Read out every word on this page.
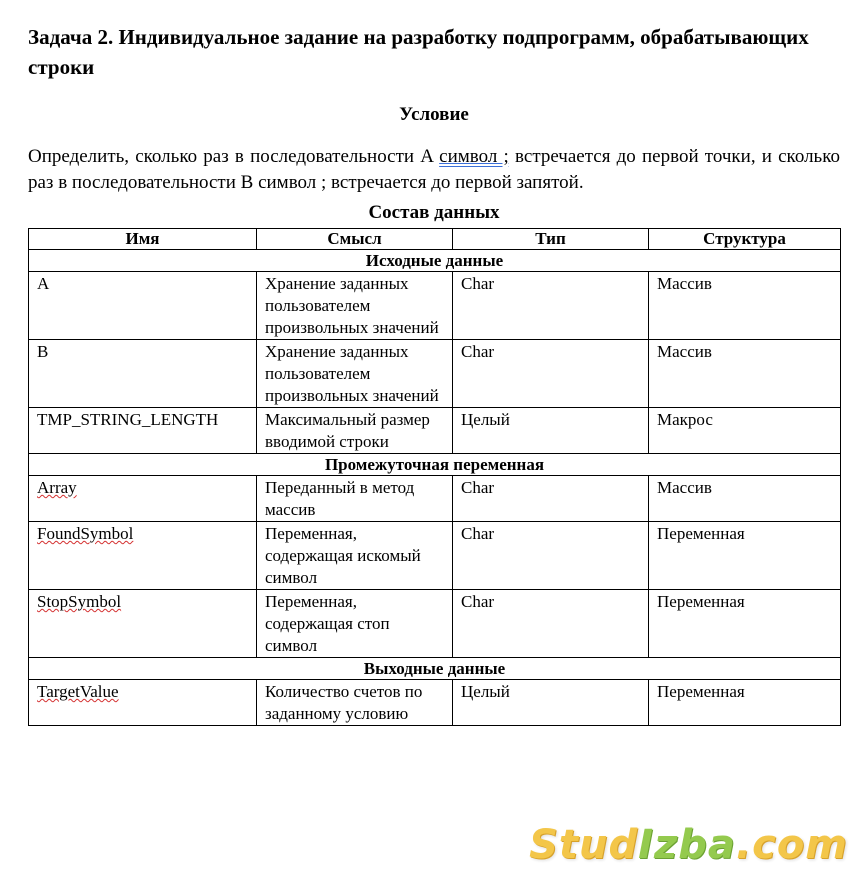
Задача 2. Индивидуальное задание на разработку подпрограмм, обрабатывающих строки
Условие

Определить, сколько раз в последовательности A символ ; встречается до первой точки, и сколько раз в последовательности B символ ; встречается до первой запятой.

Состав данных
Имя	Смысл	Тип	Структура
Исходные данные			
A	Хранение заданных пользователем произвольных значений	Char	Массив
B	Хранение заданных пользователем произвольных значений	Char	Массив
TMP_STRING_LENGTH	Максимальный размер вводимой строки	Целый	Макрос
Промежуточная переменная			
Array	Переданный в метод массив	Char	Массив
FoundSymbol	Переменная, содержащая искомый символ	Char	Переменная
StopSymbol	Переменная, содержащая стоп символ	Char	Переменная
Выходные данные			
TargetValue	Количество счетов по заданному условию	Целый	Переменная
StudIzba.com
